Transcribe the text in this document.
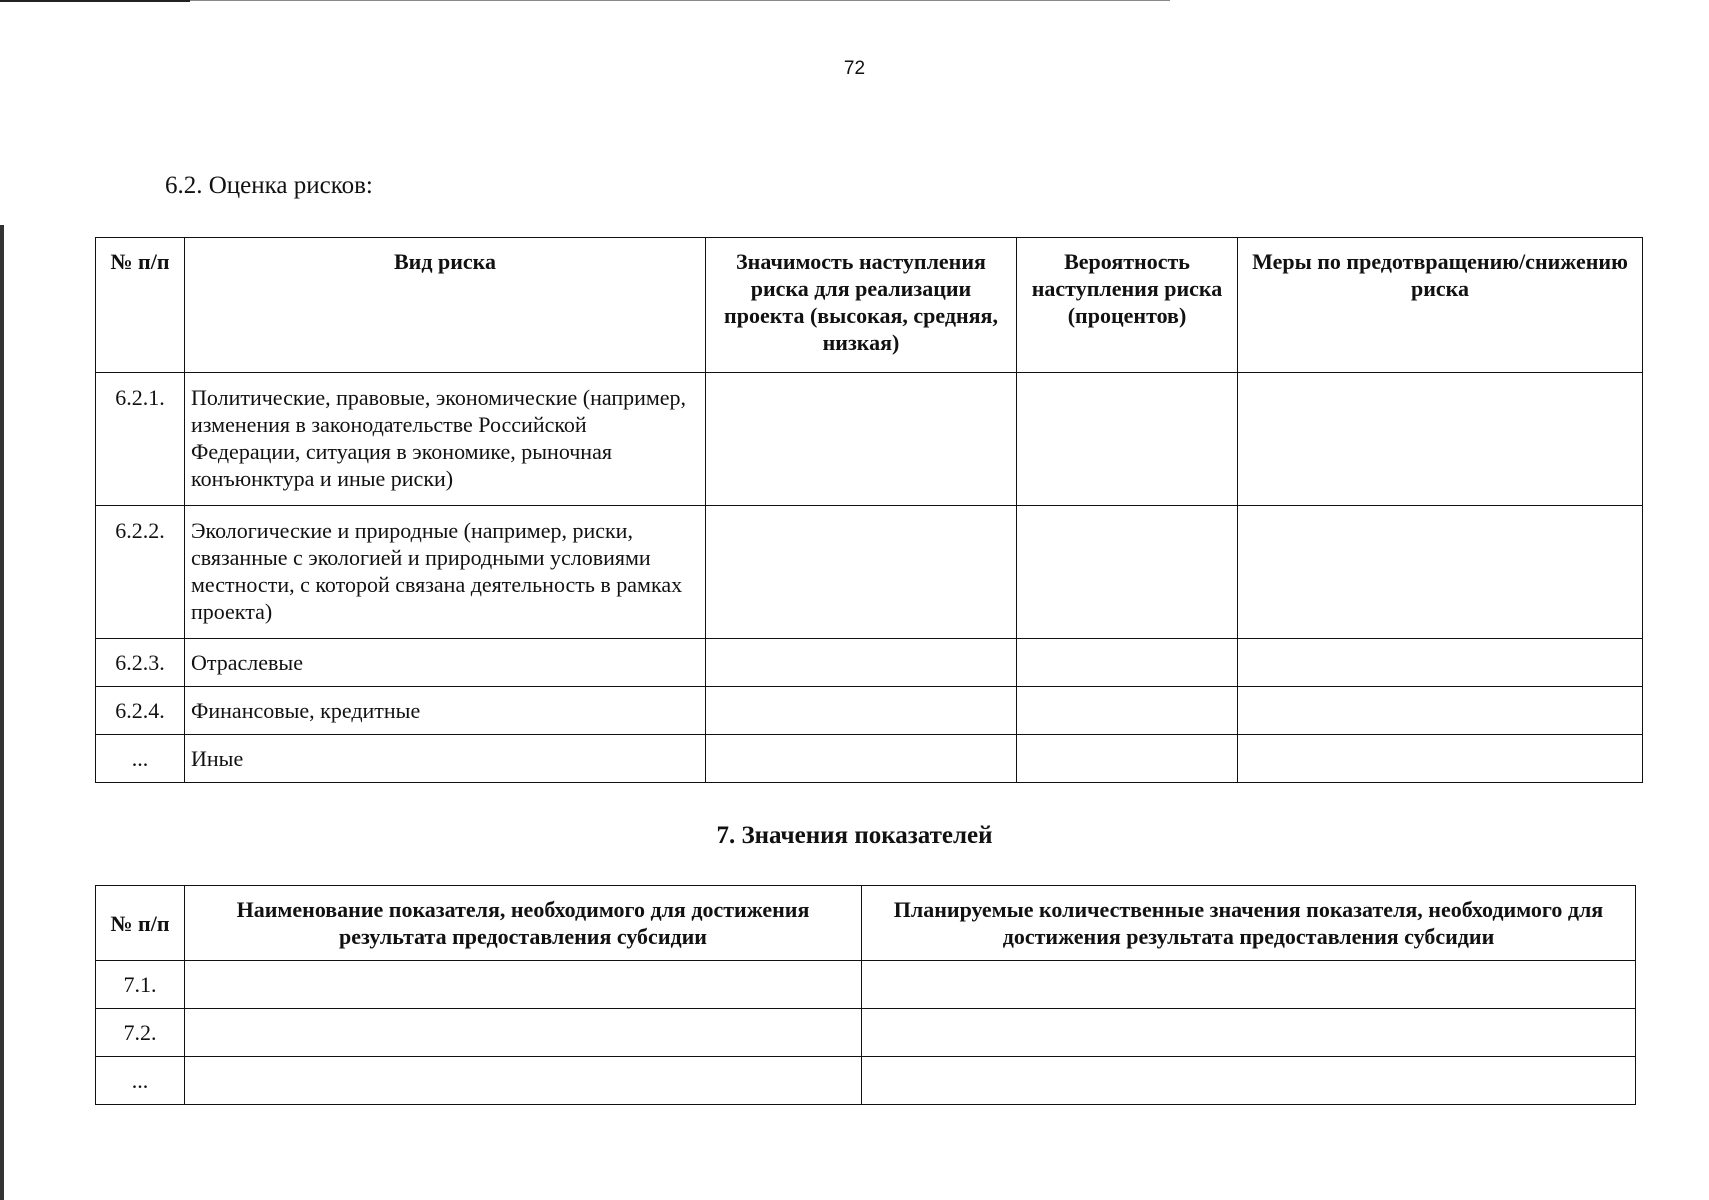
72
6.2. Оценка рисков:
№ п/п	Вид риска	Значимость наступления риска для реализации проекта (высокая, средняя, низкая)	Вероятность наступления риска (процентов)	Меры по предотвращению/снижению риска
6.2.1.	Политические, правовые, экономические (например, изменения в законодательстве Российской Федерации, ситуация в экономике, рыночная конъюнктура и иные риски)			
6.2.2.	Экологические и природные (например, риски, связанные с экологией и природными условиями местности, с которой связана деятельность в рамках проекта)			
6.2.3.	Отраслевые			
6.2.4.	Финансовые, кредитные			
...	Иные			
7. Значения показателей
№ п/п	Наименование показателя, необходимого для достижения результата предоставления субсидии	Планируемые количественные значения показателя, необходимого для достижения результата предоставления субсидии
7.1.		
7.2.		
...		
